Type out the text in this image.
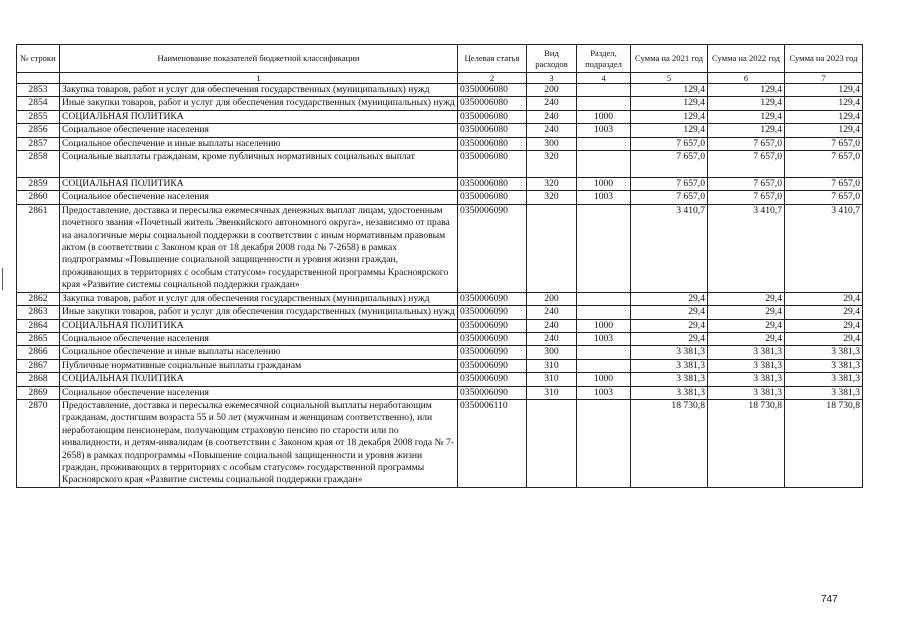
№ строки	Наименование показателей бюджетной классификации	Целевая статья	Вид расходов	Раздел, подраздел	Сумма на 2021 год	Сумма на 2022 год	Сумма на 2023 год
	1	2	3	4	5	6	7
2853	Закупка товаров, работ и услуг для обеспечения государственных (муниципальных) нужд	0350006080	200		129,4	129,4	129,4
2854	Иные закупки товаров, работ и услуг для обеспечения государственных (муниципальных) нужд	0350006080	240		129,4	129,4	129,4
2855	СОЦИАЛЬНАЯ ПОЛИТИКА	0350006080	240	1000	129,4	129,4	129,4
2856	Социальное обеспечение населения	0350006080	240	1003	129,4	129,4	129,4
2857	Социальное обеспечение и иные выплаты населению	0350006080	300		7 657,0	7 657,0	7 657,0
2858	Социальные выплаты гражданам, кроме публичных нормативных социальных выплат	0350006080	320		7 657,0	7 657,0	7 657,0
2859	СОЦИАЛЬНАЯ ПОЛИТИКА	0350006080	320	1000	7 657,0	7 657,0	7 657,0
2860	Социальное обеспечение населения	0350006080	320	1003	7 657,0	7 657,0	7 657,0
2861	Предоставление, доставка и пересылка ежемесячных денежных выплат лицам, удостоенным почетного звания «Почетный житель Эвенкийского автономного округа», независимо от права на аналогичные меры социальной поддержки в соответствии с иным нормативным правовым актом (в соответствии с Законом края от 18 декабря 2008 года № 7-2658) в рамках подпрограммы «Повышение социальной защищенности и уровня жизни граждан, проживающих в территориях с особым статусом» государственной программы Красноярского края «Развитие системы социальной поддержки граждан»	0350006090			3 410,7	3 410,7	3 410,7
2862	Закупка товаров, работ и услуг для обеспечения государственных (муниципальных) нужд	0350006090	200		29,4	29,4	29,4
2863	Иные закупки товаров, работ и услуг для обеспечения государственных (муниципальных) нужд	0350006090	240		29,4	29,4	29,4
2864	СОЦИАЛЬНАЯ ПОЛИТИКА	0350006090	240	1000	29,4	29,4	29,4
2865	Социальное обеспечение населения	0350006090	240	1003	29,4	29,4	29,4
2866	Социальное обеспечение и иные выплаты населению	0350006090	300		3 381,3	3 381,3	3 381,3
2867	Публичные нормативные социальные выплаты гражданам	0350006090	310		3 381,3	3 381,3	3 381,3
2868	СОЦИАЛЬНАЯ ПОЛИТИКА	0350006090	310	1000	3 381,3	3 381,3	3 381,3
2869	Социальное обеспечение населения	0350006090	310	1003	3 381,3	3 381,3	3 381,3
2870	Предоставление, доставка и пересылка ежемесячной социальной выплаты неработающим гражданам, достигшим возраста 55 и 50 лет (мужчинам и женщинам соответственно), или неработающим пенсионерам, получающим страховую пенсию по старости или по инвалидности, и детям-инвалидам (в соответствии с Законом края от 18 декабря 2008 года № 7-2658) в рамках подпрограммы «Повышение социальной защищенности и уровня жизни граждан, проживающих в территориях с особым статусом» государственной программы Красноярского края «Развитие системы социальной поддержки граждан»	0350006110			18 730,8	18 730,8	18 730,8
747
